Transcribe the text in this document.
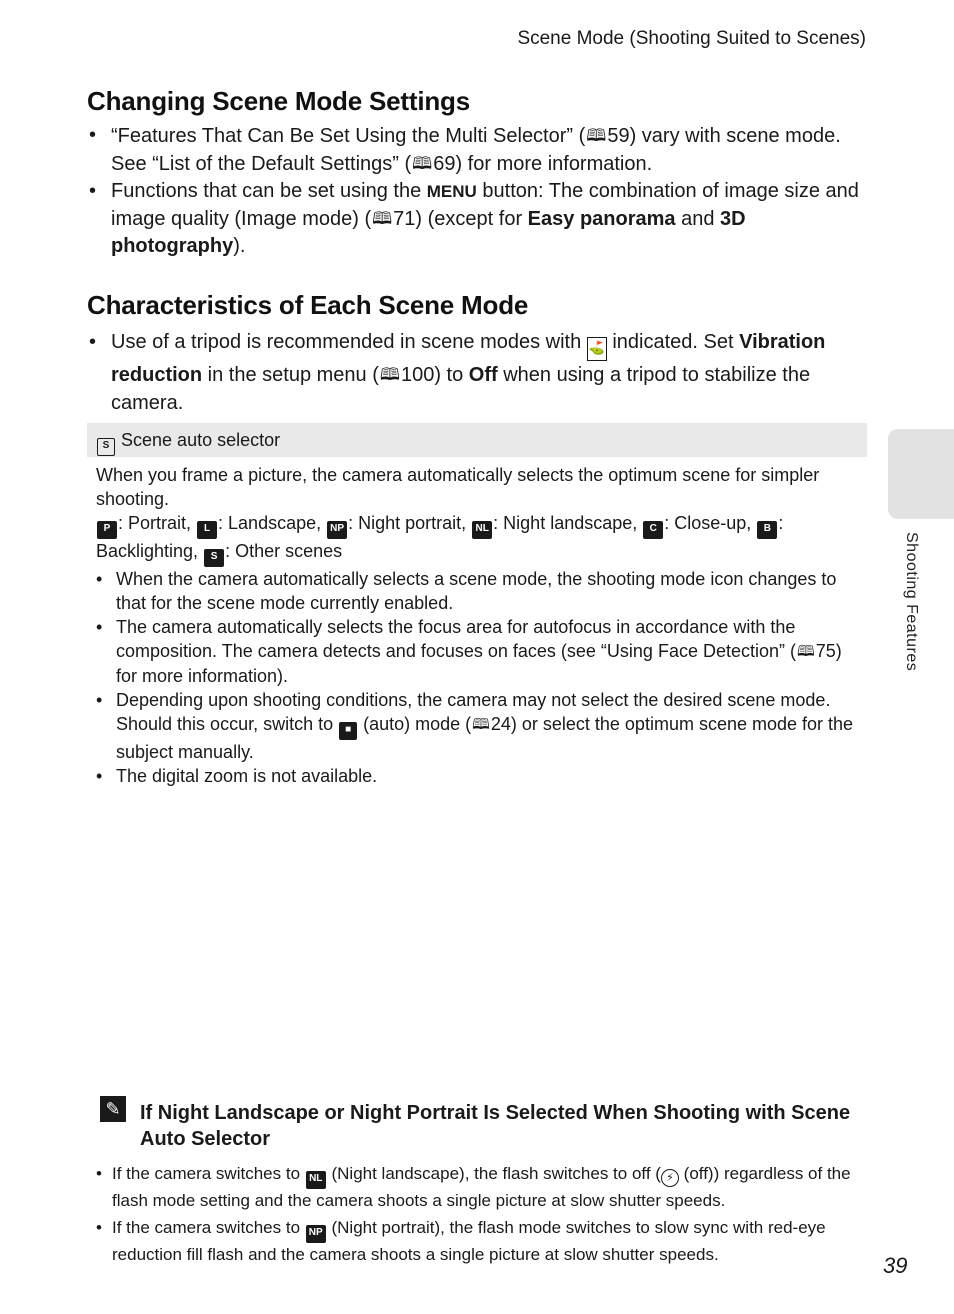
Scene Mode (Shooting Suited to Scenes)
Changing Scene Mode Settings
• “Features That Can Be Set Using the Multi Selector” (🕮59) vary with scene mode. See “List of the Default Settings” (🕮69) for more information.
• Functions that can be set using the MENU button: The combination of image size and image quality (Image mode) (🕮71) (except for Easy panorama and 3D photography).
Characteristics of Each Scene Mode
• Use of a tripod is recommended in scene modes with ⛳ indicated. Set Vibration reduction in the setup menu (🕮100) to Off when using a tripod to stabilize the camera.
S Scene auto selector

When you frame a picture, the camera automatically selects the optimum scene for simpler shooting.

P : Portrait, L : Landscape, NP : Night portrait, NL : Night landscape, C : Close-up, B : Backlighting, S : Other scenes

• When the camera automatically selects a scene mode, the shooting mode icon changes to that for the scene mode currently enabled.
• The camera automatically selects the focus area for autofocus in accordance with the composition. The camera detects and focuses on faces (see “Using Face Detection” (🕮75) for more information).
• Depending upon shooting conditions, the camera may not select the desired scene mode. Should this occur, switch to ■ (auto) mode (🕮24) or select the optimum scene mode for the subject manually.
• The digital zoom is not available.
Shooting Features
✎ If Night Landscape or Night Portrait Is Selected When Shooting with Scene Auto Selector
• If the camera switches to NL (Night landscape), the flash switches to off ( ⚡ (off)) regardless of the flash mode setting and the camera shoots a single picture at slow shutter speeds.
• If the camera switches to NP (Night portrait), the flash mode switches to slow sync with red-eye reduction fill flash and the camera shoots a single picture at slow shutter speeds.	39
